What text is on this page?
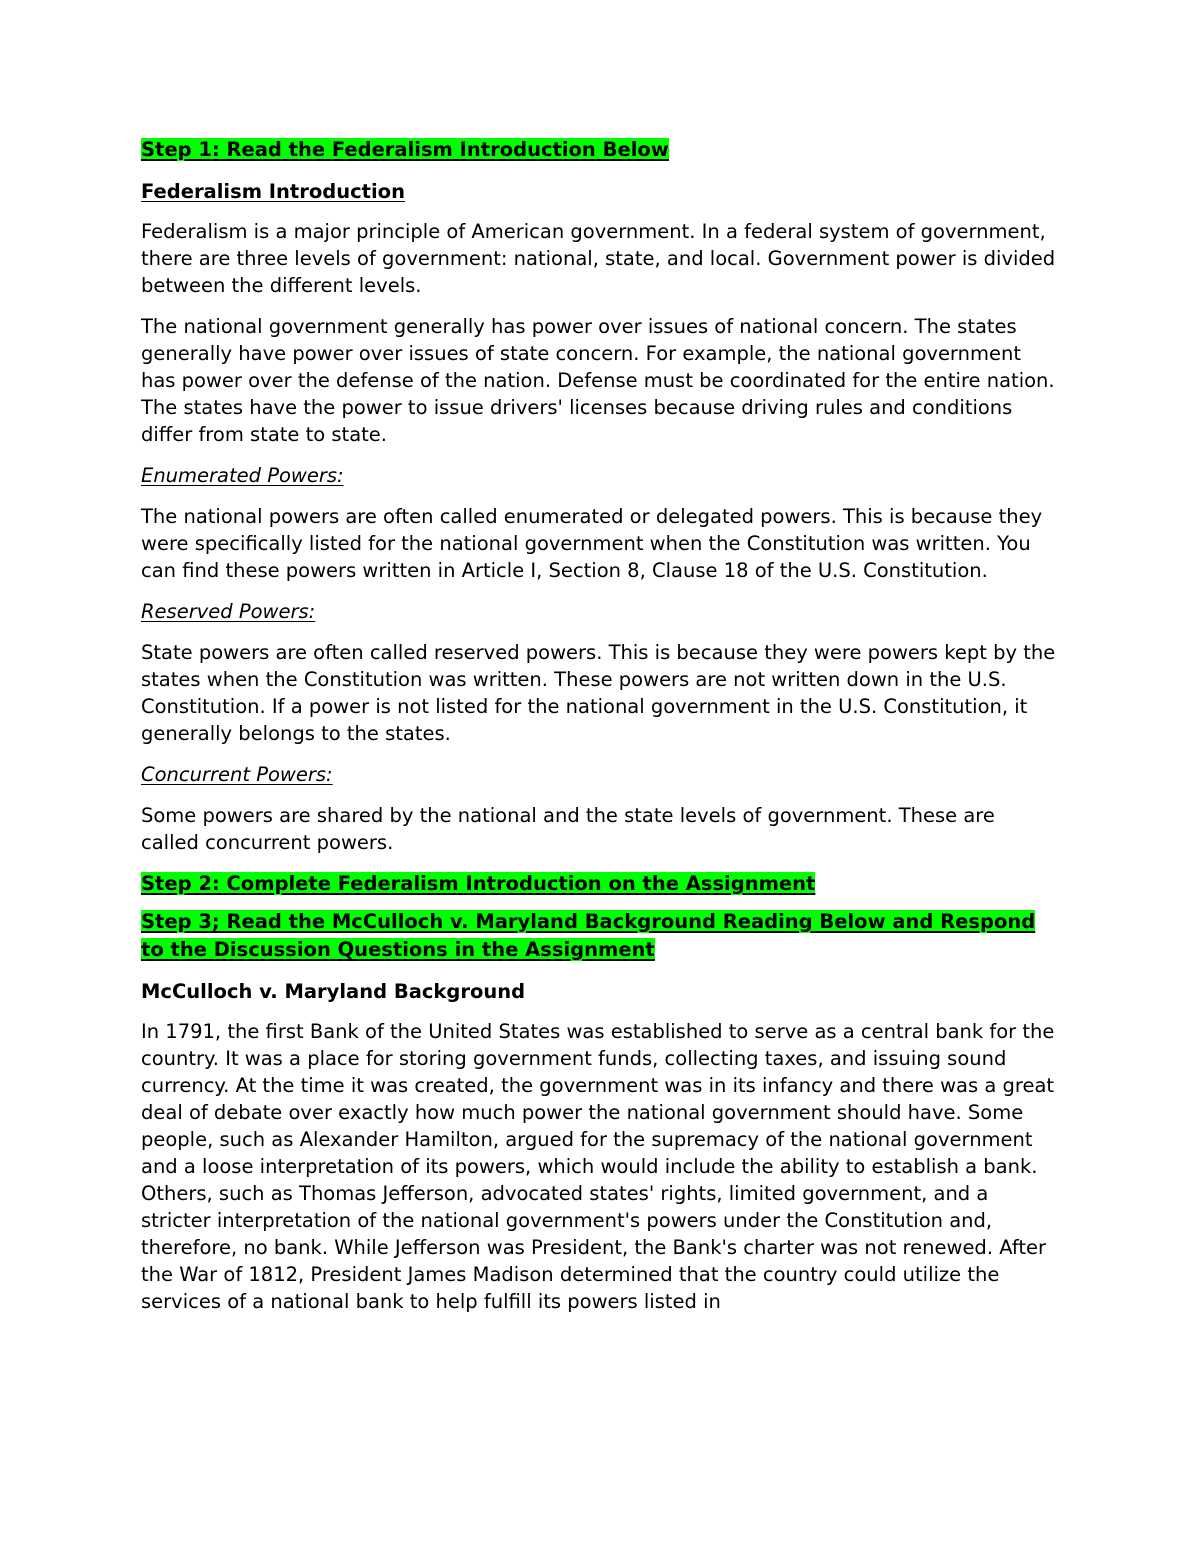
Step 1: Read the Federalism Introduction Below

Federalism Introduction

Federalism is a major principle of American government. In a federal system of government, there are three levels of government: national, state, and local. Government power is divided between the different levels.

The national government generally has power over issues of national concern. The states generally have power over issues of state concern. For example, the national government has power over the defense of the nation. Defense must be coordinated for the entire nation. The states have the power to issue drivers' licenses because driving rules and conditions differ from state to state.

Enumerated Powers:

The national powers are often called enumerated or delegated powers. This is because they were specifically listed for the national government when the Constitution was written. You can find these powers written in Article I, Section 8, Clause 18 of the U.S. Constitution.

Reserved Powers:

State powers are often called reserved powers. This is because they were powers kept by the states when the Constitution was written. These powers are not written down in the U.S. Constitution. If a power is not listed for the national government in the U.S. Constitution, it generally belongs to the states.

Concurrent Powers:

Some powers are shared by the national and the state levels of government. These are called concurrent powers.

Step 2: Complete Federalism Introduction on the Assignment

Step 3; Read the McCulloch v. Maryland Background Reading Below and Respond to the Discussion Questions in the Assignment

McCulloch v. Maryland Background

In 1791, the first Bank of the United States was established to serve as a central bank for the country. It was a place for storing government funds, collecting taxes, and issuing sound currency. At the time it was created, the government was in its infancy and there was a great deal of debate over exactly how much power the national government should have. Some people, such as Alexander Hamilton, argued for the supremacy of the national government and a loose interpretation of its powers, which would include the ability to establish a bank. Others, such as Thomas Jefferson, advocated states' rights, limited government, and a stricter interpretation of the national government's powers under the Constitution and, therefore, no bank. While Jefferson was President, the Bank's charter was not renewed. After the War of 1812, President James Madison determined that the country could utilize the services of a national bank to help fulfill its powers listed in
